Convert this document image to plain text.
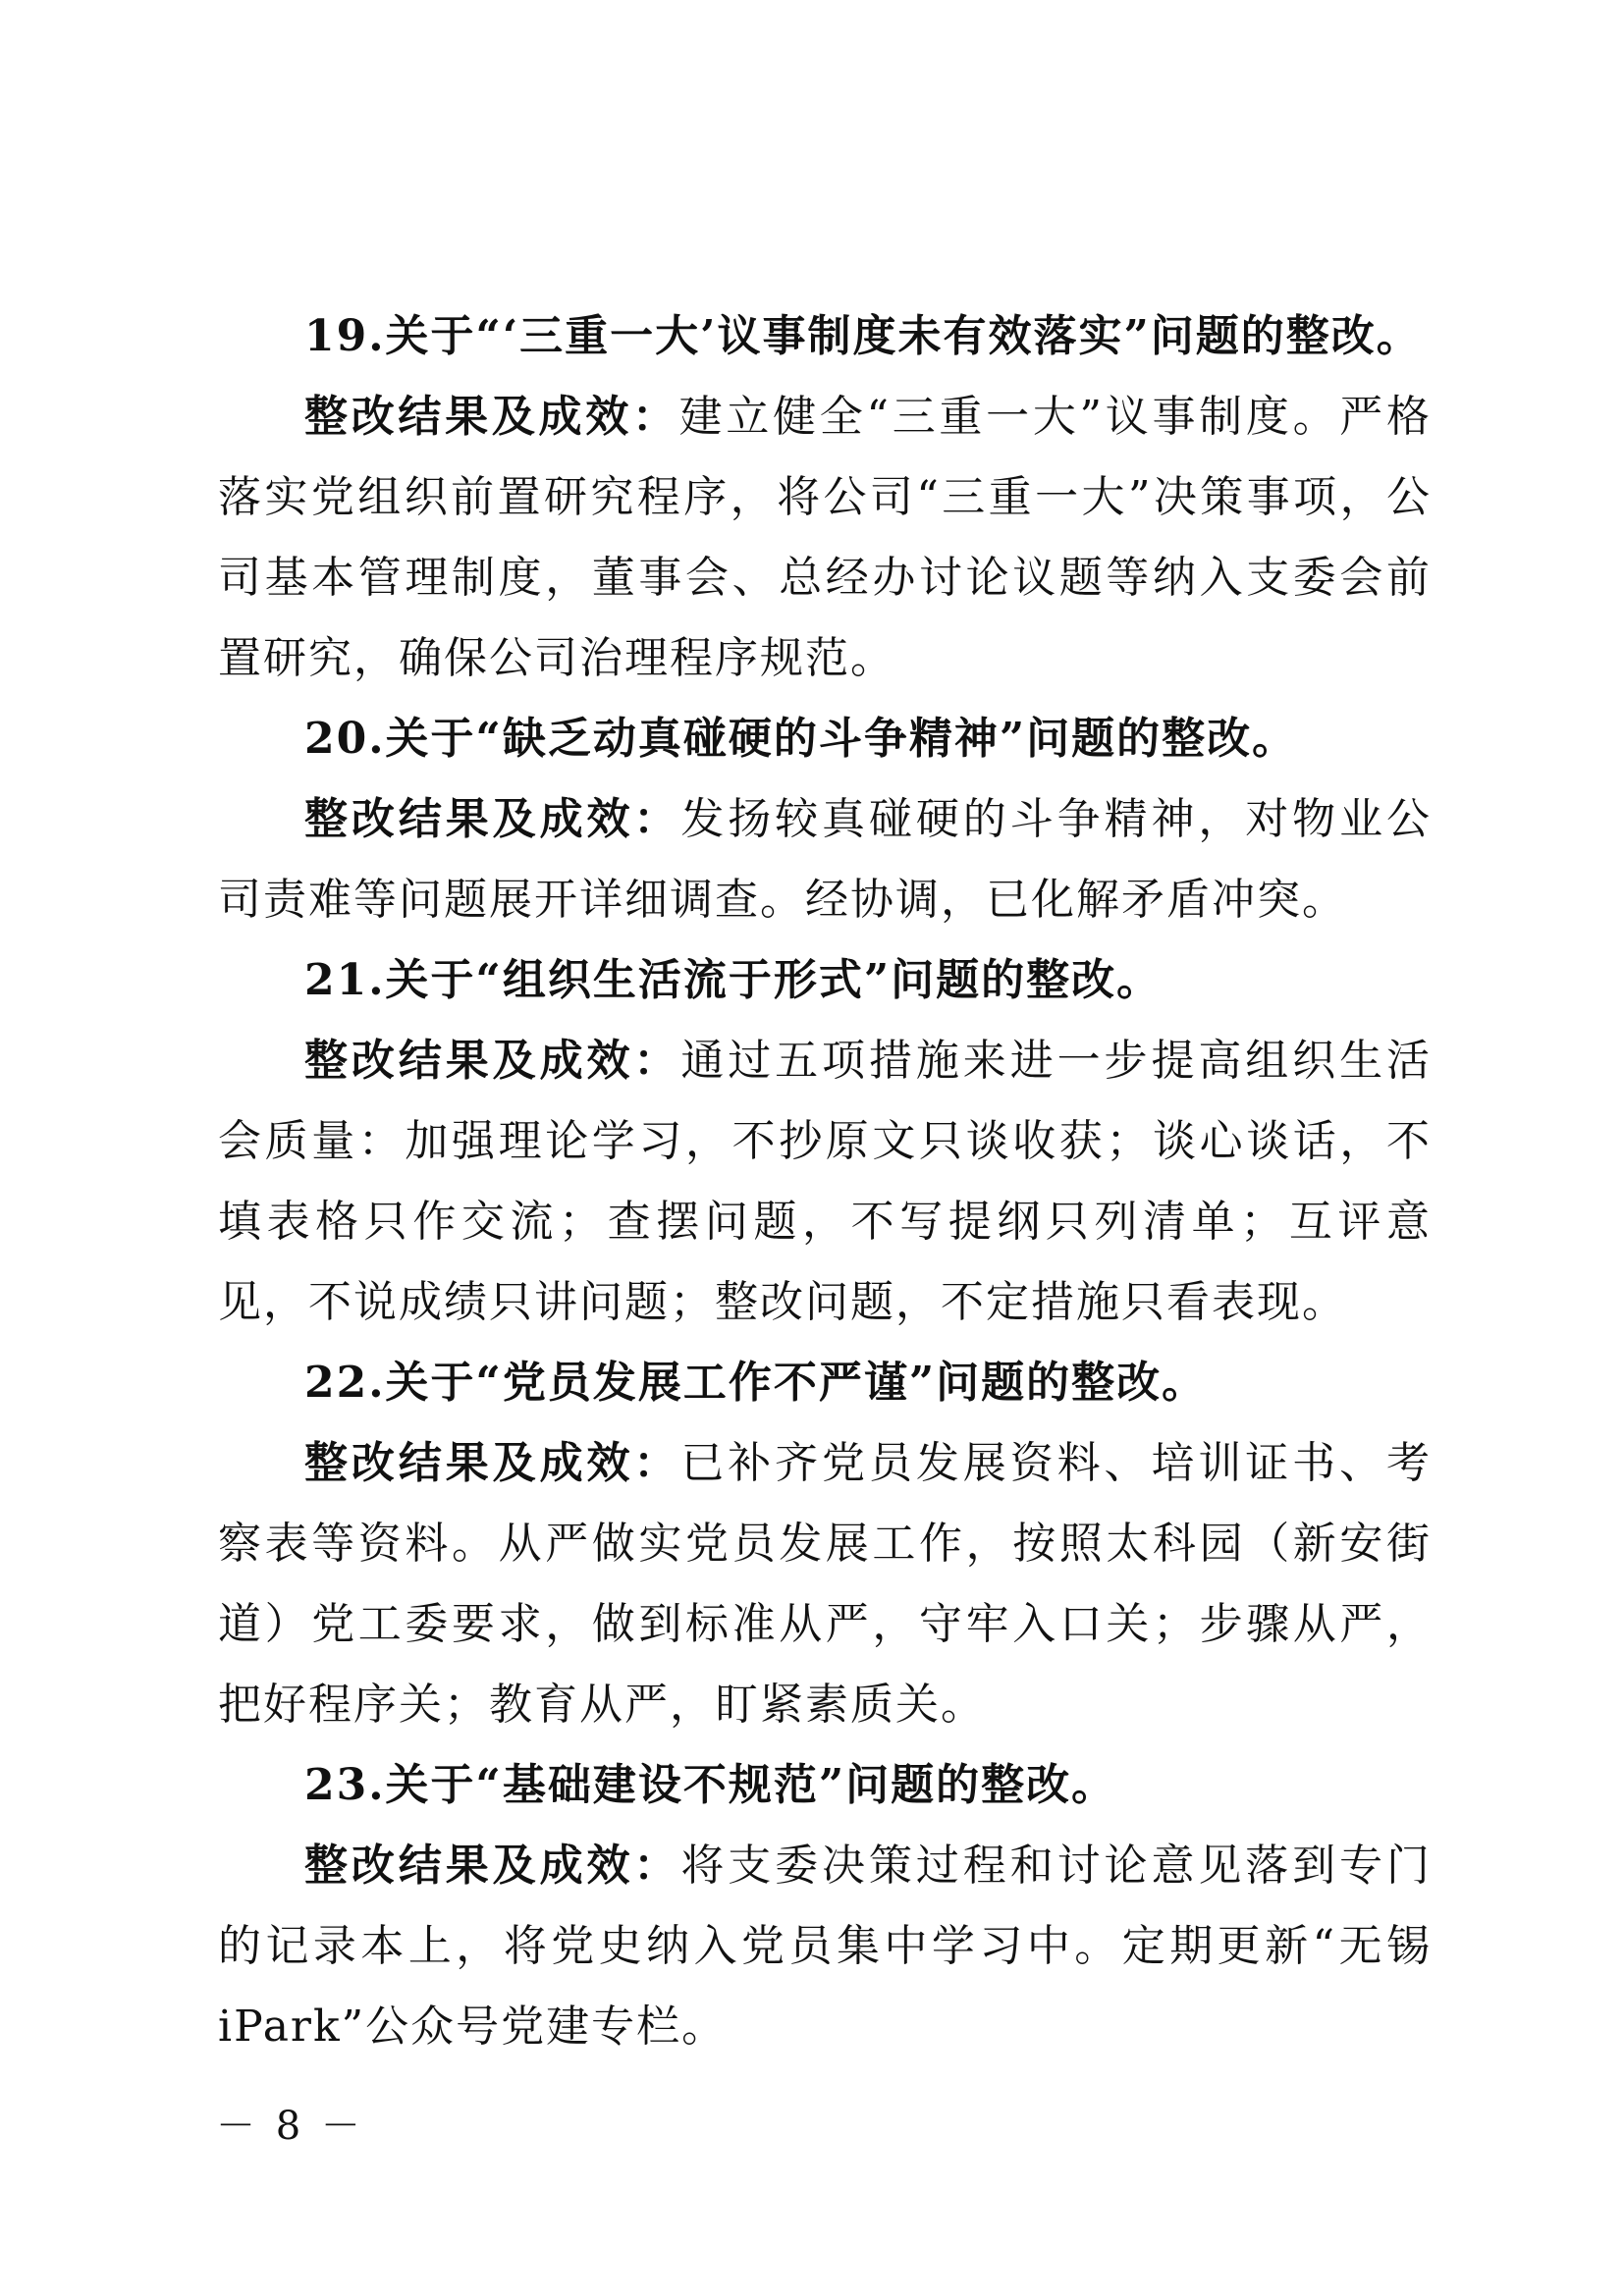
19.关于“‘三重一大’议事制度未有效落实”问题的整改。

整改结果及成效：建立健全“三重一大”议事制度。严格落实党组织前置研究程序，将公司“三重一大”决策事项，公司基本管理制度，董事会、总经办讨论议题等纳入支委会前置研究，确保公司治理程序规范。

20.关于“缺乏动真碰硬的斗争精神”问题的整改。

整改结果及成效：发扬较真碰硬的斗争精神，对物业公司责难等问题展开详细调查。经协调，已化解矛盾冲突。

21.关于“组织生活流于形式”问题的整改。

整改结果及成效：通过五项措施来进一步提高组织生活会质量：加强理论学习，不抄原文只谈收获；谈心谈话，不填表格只作交流；查摆问题，不写提纲只列清单；互评意见，不说成绩只讲问题；整改问题，不定措施只看表现。

22.关于“党员发展工作不严谨”问题的整改。

整改结果及成效：已补齐党员发展资料、培训证书、考察表等资料。从严做实党员发展工作，按照太科园（新安街道）党工委要求，做到标准从严，守牢入口关；步骤从严，把好程序关；教育从严，盯紧素质关。

23.关于“基础建设不规范”问题的整改。

整改结果及成效：将支委决策过程和讨论意见落到专门的记录本上，将党史纳入党员集中学习中。定期更新“无锡 iPark”公众号党建专栏。

－ 8 －
